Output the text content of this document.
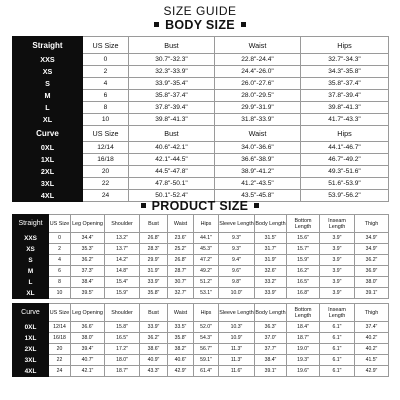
SIZE GUIDE
BODY SIZE
Straight	US Size	Bust	Waist	Hips
XXS	0	30.7"-32.3"	22.8"-24.4"	32.7"-34.3"
XS	2	32.3"-33.9"	24.4"-26.0"	34.3"-35.8"
S	4	33.9"-35.4"	26.0"-27.6"	35.8"-37.4"
M	6	35.8"-37.4"	28.0"-29.5"	37.8"-39.4"
L	8	37.8"-39.4"	29.9"-31.9"	39.8"-41.3"
XL	10	39.8"-41.3"	31.8"-33.9"	41.7"-43.3"
Curve	US Size	Bust	Waist	Hips
0XL	12/14	40.6"-42.1"	34.0"-36.6"	44.1"-46.7"
1XL	16/18	42.1"-44.5"	36.6"-38.9"	46.7"-49.2"
2XL	20	44.5"-47.8"	38.9"-41.2"	49.3"-51.6"
3XL	22	47.8"-50.1"	41.2"-43.5"	51.6"-53.9"
4XL	24	50.1"-52.4"	43.5"-45.8"	53.9"-56.2"
PRODUCT SIZE
Straight	US Size	Leg Opening	Shoulder	Bust	Waist	Hips	Sleeve Length	Body Length	Bottom Length	Inseam Length	Thigh
XXS	0	34.4"	13.2"	26.8"	23.6"	44.1"	9.3"	31.5"	15.6"	3.9"	34.9"
XS	2	35.3"	13.7"	28.3"	25.2"	45.3"	9.3"	31.7"	15.7"	3.9"	34.9"
S	4	36.2"	14.2"	29.9"	26.8"	47.2"	9.4"	31.9"	15.9"	3.9"	36.2"
M	6	37.3"	14.8"	31.9"	28.7"	49.2"	9.6"	32.6"	16.2"	3.9"	36.9"
L	8	38.4"	15.4"	33.9"	30.7"	51.2"	9.8"	33.2"	16.5"	3.9"	38.0"
XL	10	39.5"	15.9"	35.8"	32.7"	53.1"	10.0"	33.9"	16.8"	3.9"	39.1"
Curve	US Size	Leg Opening	Shoulder	Bust	Waist	Hips	Sleeve Length	Body Length	Bottom Length	Inseam Length	Thigh
0XL	12/14	36.6"	15.8"	33.9"	33.5"	52.0"	10.3"	36.3"	18.4"	6.1"	37.4"
1XL	16/18	38.0"	16.5"	36.2"	35.8"	54.3"	10.9"	37.0"	18.7"	6.1"	40.2"
2XL	20	39.4"	17.2"	38.6"	38.2"	56.7"	11.3"	37.7"	19.0"	6.1"	40.2"
3XL	22	40.7"	18.0"	40.9"	40.6"	59.1"	11.3"	38.4"	19.3"	6.1"	41.5"
4XL	24	42.1"	18.7"	43.3"	42.9"	61.4"	11.6"	39.1"	19.6"	6.1"	42.9"
